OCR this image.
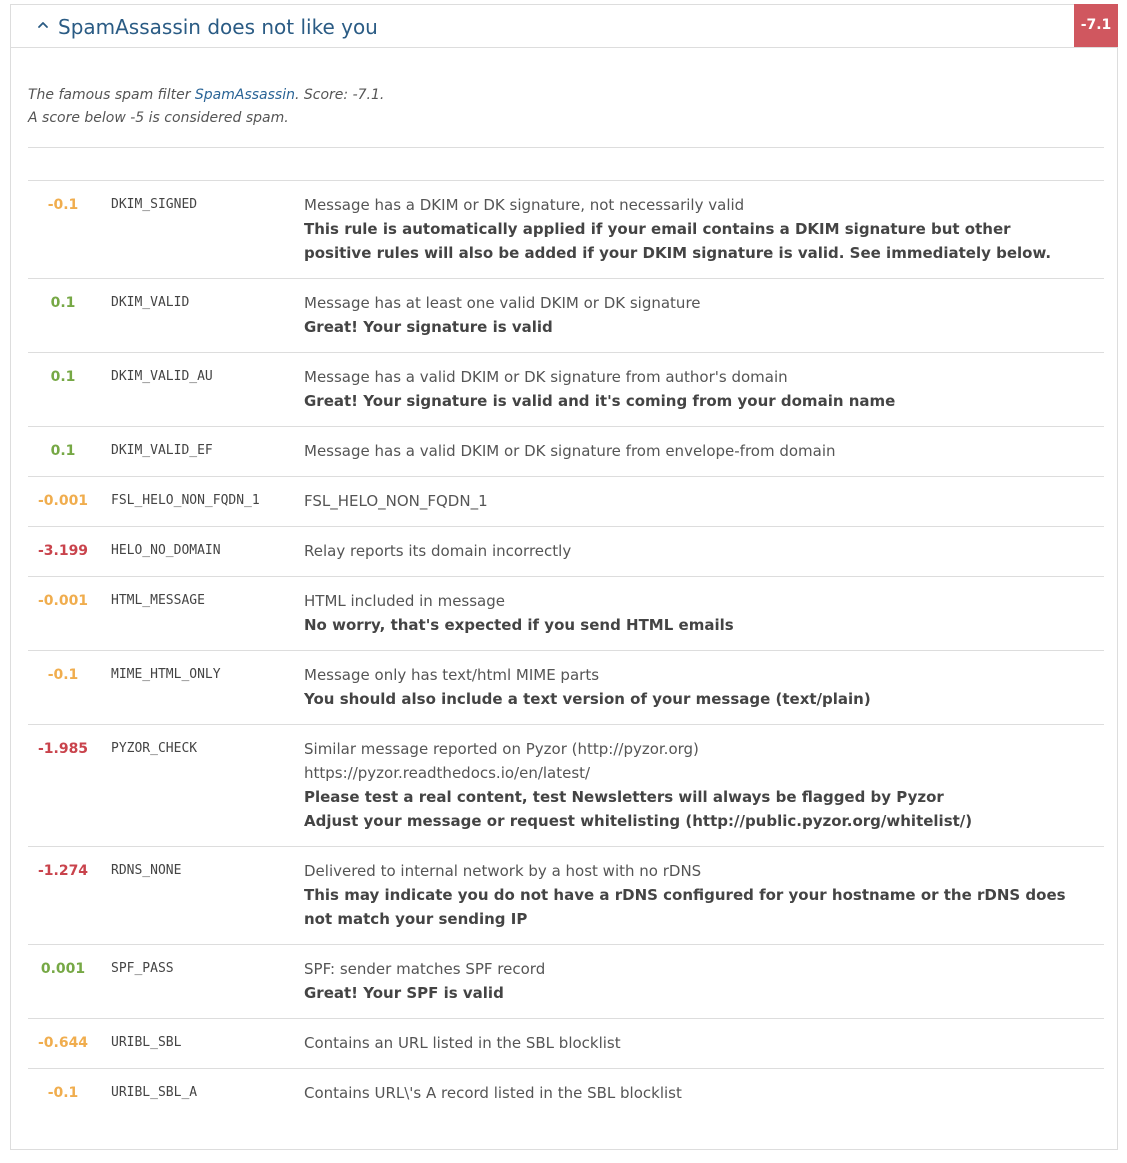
SpamAssassin does not like you	-7.1
The famous spam filter SpamAssassin. Score: -7.1.
A score below -5 is considered spam.
-0.1	DKIM_SIGNED	Message has a DKIM or DK signature, not necessarily valid
This rule is automatically applied if your email contains a DKIM signature but other positive rules will also be added if your DKIM signature is valid. See immediately below.
0.1	DKIM_VALID	Message has at least one valid DKIM or DK signature
Great! Your signature is valid
0.1	DKIM_VALID_AU	Message has a valid DKIM or DK signature from author's domain
Great! Your signature is valid and it's coming from your domain name
0.1	DKIM_VALID_EF	Message has a valid DKIM or DK signature from envelope-from domain
-0.001	FSL_HELO_NON_FQDN_1	FSL_HELO_NON_FQDN_1
-3.199	HELO_NO_DOMAIN	Relay reports its domain incorrectly
-0.001	HTML_MESSAGE	HTML included in message
No worry, that's expected if you send HTML emails
-0.1	MIME_HTML_ONLY	Message only has text/html MIME parts
You should also include a text version of your message (text/plain)
-1.985	PYZOR_CHECK	Similar message reported on Pyzor (http://pyzor.org)
https://pyzor.readthedocs.io/en/latest/
Please test a real content, test Newsletters will always be flagged by Pyzor
Adjust your message or request whitelisting (http://public.pyzor.org/whitelist/)
-1.274	RDNS_NONE	Delivered to internal network by a host with no rDNS
This may indicate you do not have a rDNS configured for your hostname or the rDNS does not match your sending IP
0.001	SPF_PASS	SPF: sender matches SPF record
Great! Your SPF is valid
-0.644	URIBL_SBL	Contains an URL listed in the SBL blocklist
-0.1	URIBL_SBL_A	Contains URL\'s A record listed in the SBL blocklist
